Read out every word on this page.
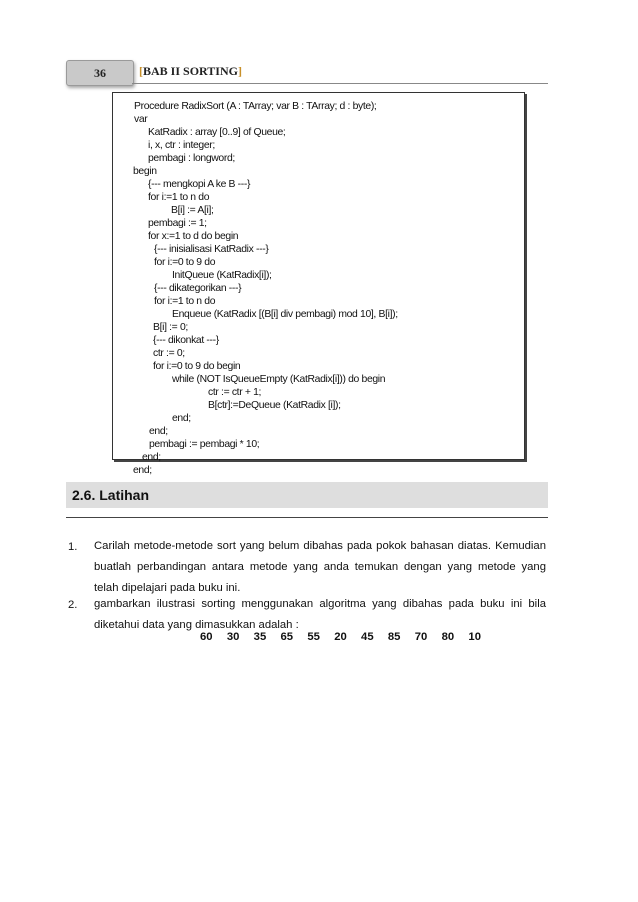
36	[BAB II SORTING]
Procedure RadixSort (A : TArray; var B : TArray; d : byte);
var
KatRadix : array [0..9] of Queue;
i, x, ctr : integer;
pembagi : longword;
begin
{--- mengkopi A ke B ---}
for i:=1 to n do
B[i] := A[i];
pembagi := 1;
for x:=1 to d do begin
{--- inisialisasi KatRadix ---}
for i:=0 to 9 do
InitQueue (KatRadix[i]);
{--- dikategorikan ---}
for i:=1 to n do
Enqueue (KatRadix [(B[i] div pembagi) mod 10], B[i]);
B[i] := 0;
{--- dikonkat ---}
ctr := 0;
for i:=0 to 9 do begin
while (NOT IsQueueEmpty (KatRadix[i])) do begin
ctr := ctr + 1;
B[ctr]:=DeQueue (KatRadix [i]);
end;
end;
pembagi := pembagi * 10;
end;
end;
2.6. Latihan
1. Carilah metode-metode sort yang belum dibahas pada pokok bahasan diatas. Kemudian buatlah perbandingan antara metode yang anda temukan dengan yang metode yang telah dipelajari pada buku ini.
2. gambarkan ilustrasi sorting menggunakan algoritma yang dibahas pada buku ini bila diketahui data yang dimasukkan adalah :
60  30  35  65  55  20  45  85  70  80  10
